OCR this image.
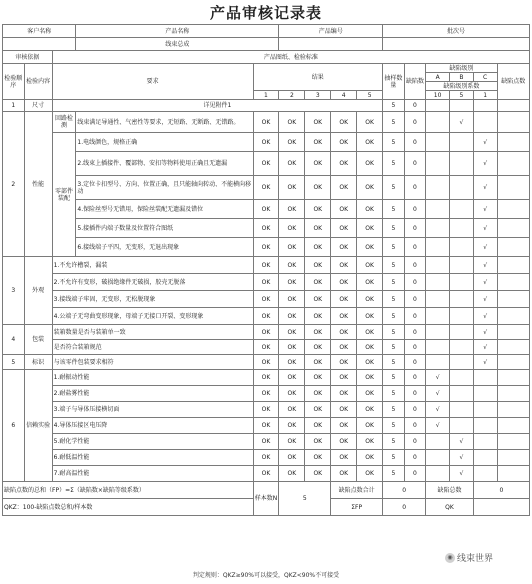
产品审核记录表
客户名称			产品名称		产品编号				批次号					
			线束总成											
审核依据		产品图纸、检验标准												
检验顺序	检验内容	要求		结果					抽样数量	缺陷数	缺陷级别			缺陷点数
											A	B	C	
											缺陷级别系数			
				1	2	3	4	5			10	5	1	
1	尺寸	详见附件1							5	0				
2	性能	回路检测	线束满足导通性、气密性等要求，无短路、无断路、无错路。	OK	OK	OK	OK	OK	5	0		√		
		零部件装配	1.电线颜色，规格正确	OK	OK	OK	OK	OK	5	0			√	
			2.线束上插接件、覆部物、安扣等物料使用正确且无遗漏	OK	OK	OK	OK	OK	5	0			√	
			3.定位卡扣型号、方向、位置正确，且只能轴向转动、不能横向移动	OK	OK	OK	OK	OK	5	0			√	
			4.保险丝型号无错用，保险丝装配无遗漏及错位	OK	OK	OK	OK	OK	5	0			√	
			5.接插件内端子数量及位置符合图纸	OK	OK	OK	OK	OK	5	0			√	
			6.接线端子平四，无变形，无退出现象	OK	OK	OK	OK	OK	5	0			√	
3	外观	1.不允许槽裂，漏装		OK	OK	OK	OK	OK	5	0			√	
		2.不允许有变形，破损绝缘件无破损，胶壳无脱落		OK	OK	OK	OK	OK	5	0			√	
		3.接线端子牢固，无变形，无松脱现象		OK	OK	OK	OK	OK	5	0			√	
		4.公端子无弯曲变形现象，母端子无接口开裂、变形现象		OK	OK	OK	OK	OK	5	0			√	
4	包装	装箱数量是否与装箱单一致		OK	OK	OK	OK	OK	5	0			√	
		是否符合装箱规范		OK	OK	OK	OK	OK	5	0			√	
5	标识	与该零件包装要求相符		OK	OK	OK	OK	OK	5	0			√	
6	信赖实验	1.耐振动性能		OK	OK	OK	OK	OK	5	0	√			
		2.耐盐雾性能		OK	OK	OK	OK	OK	5	0	√			
		3.端子与导体压接横切面		OK	OK	OK	OK	OK	5	0	√			
		4.导体压接区电压降		OK	OK	OK	OK	OK	5	0	√			
		5.耐化学性能		OK	OK	OK	OK	OK	5	0		√		
		6.耐低温性能		OK	OK	OK	OK	OK	5	0		√		
		7.耐高温性能		OK	OK	OK	OK	OK	5	0		√		
缺陷点数的总和（FP）=Σ（缺陷数×缺陷等级系数）				样本数N	5		缺陷点数合计		0		缺陷总数		0	
QKZ：100-缺陷点数总和/样本数							ΣFP		0		QK			
◉ 线束世界
判定规则：QKZ≥90%可以接受，QKZ<90%不可接受
